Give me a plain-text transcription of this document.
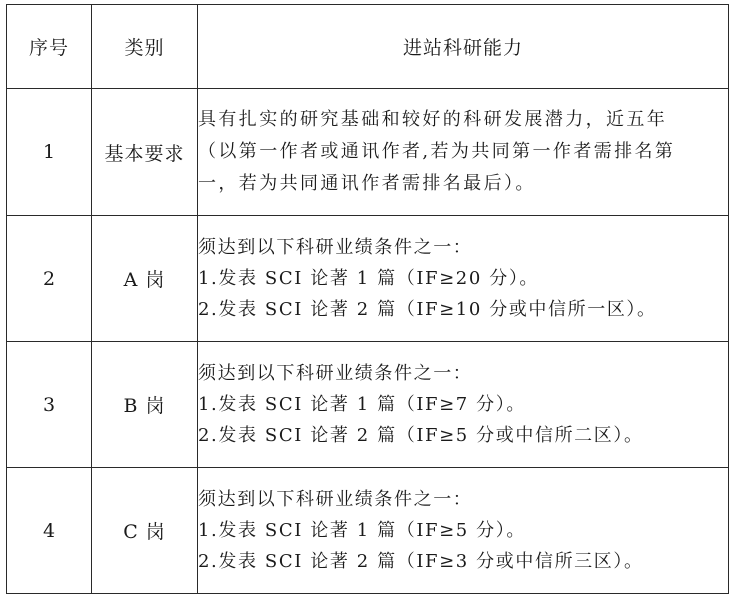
序号	类别	进站科研能力
1	基本要求	具有扎实的研究基础和较好的科研发展潜力，近五年
（以第一作者或通讯作者,若为共同第一作者需排名第
一，若为共同通讯作者需排名最后）。

2	A 岗	须达到以下科研业绩条件之一：
1.发表 SCI 论著 1 篇（IF≥20 分）。
2.发表 SCI 论著 2 篇（IF≥10 分或中信所一区）。

3	B 岗	须达到以下科研业绩条件之一：
1.发表 SCI 论著 1 篇（IF≥7 分）。
2.发表 SCI 论著 2 篇（IF≥5 分或中信所二区）。

4	C 岗	须达到以下科研业绩条件之一：
1.发表 SCI 论著 1 篇（IF≥5 分）。
2.发表 SCI 论著 2 篇（IF≥3 分或中信所三区）。
